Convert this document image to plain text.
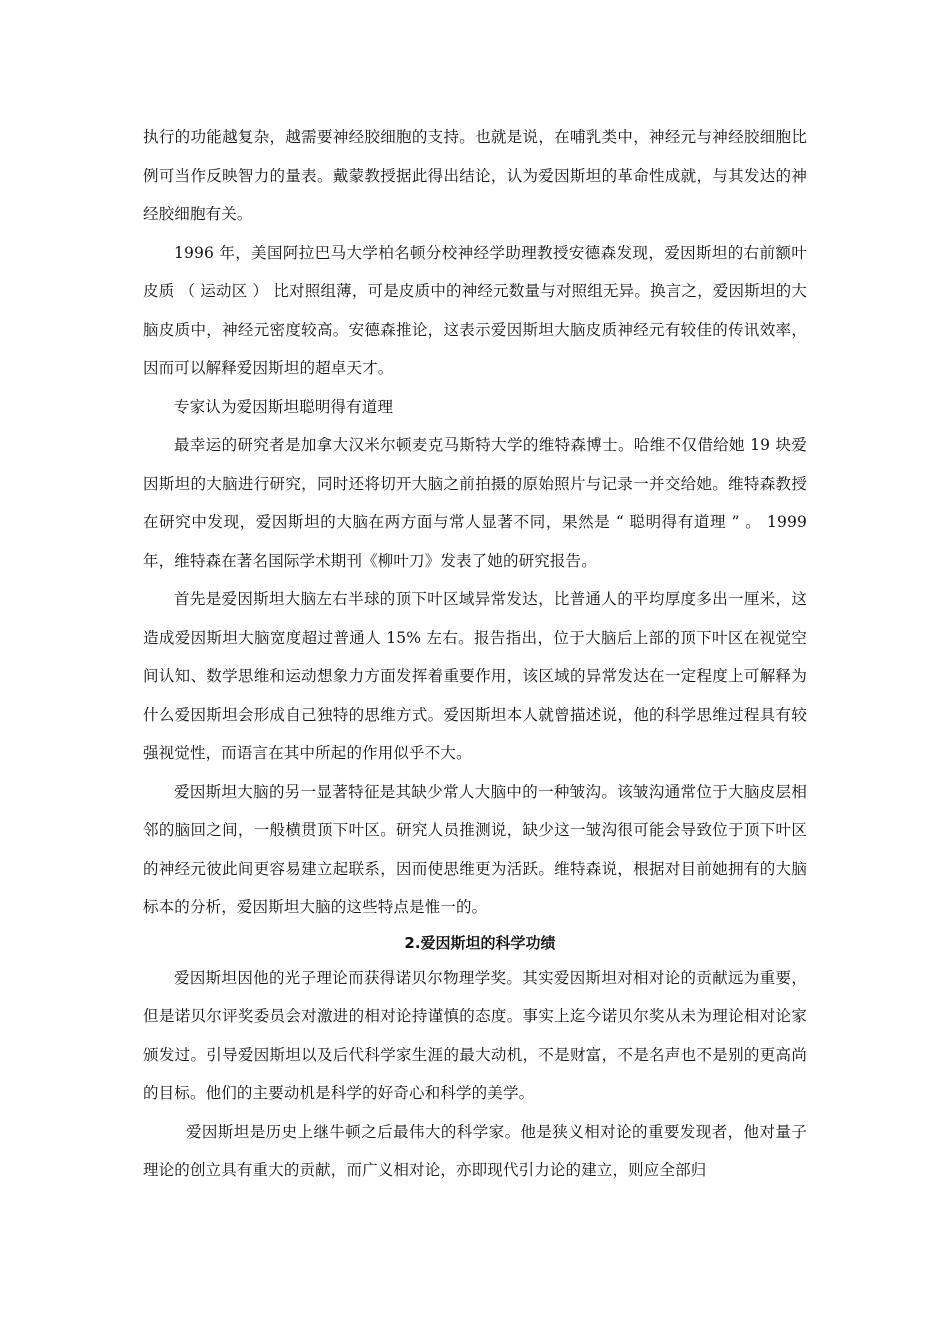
执行的功能越复杂，越需要神经胶细胞的支持。也就是说，在哺乳类中，神经元与神经胶细胞比例可当作反映智力的量表。戴蒙教授据此得出结论，认为爱因斯坦的革命性成就，与其发达的神经胶细胞有关。

1996 年，美国阿拉巴马大学柏名顿分校神经学助理教授安德森发现，爱因斯坦的右前额叶皮质 （ 运动区 ） 比对照组薄，可是皮质中的神经元数量与对照组无异。换言之，爱因斯坦的大脑皮质中，神经元密度较高。安德森推论，这表示爱因斯坦大脑皮质神经元有较佳的传讯效率，因而可以解释爱因斯坦的超卓天才。

专家认为爱因斯坦聪明得有道理

最幸运的研究者是加拿大汉米尔顿麦克马斯特大学的维特森博士。哈维不仅借给她 19 块爱因斯坦的大脑进行研究，同时还将切开大脑之前拍摄的原始照片与记录一并交给她。维特森教授在研究中发现，爱因斯坦的大脑在两方面与常人显著不同，果然是 “ 聪明得有道理 ” 。 1999 年，维特森在著名国际学术期刊《柳叶刀》发表了她的研究报告。

首先是爱因斯坦大脑左右半球的顶下叶区域异常发达，比普通人的平均厚度多出一厘米，这造成爱因斯坦大脑宽度超过普通人 15% 左右。报告指出，位于大脑后上部的顶下叶区在视觉空间认知、数学思维和运动想象力方面发挥着重要作用，该区域的异常发达在一定程度上可解释为什么爱因斯坦会形成自己独特的思维方式。爱因斯坦本人就曾描述说，他的科学思维过程具有较强视觉性，而语言在其中所起的作用似乎不大。

爱因斯坦大脑的另一显著特征是其缺少常人大脑中的一种皱沟。该皱沟通常位于大脑皮层相邻的脑回之间，一般横贯顶下叶区。研究人员推测说，缺少这一皱沟很可能会导致位于顶下叶区的神经元彼此间更容易建立起联系，因而使思维更为活跃。维特森说，根据对目前她拥有的大脑标本的分析，爱因斯坦大脑的这些特点是惟一的。

2.爱因斯坦的科学功绩

爱因斯坦因他的光子理论而获得诺贝尔物理学奖。其实爱因斯坦对相对论的贡献远为重要，但是诺贝尔评奖委员会对激进的相对论持谨慎的态度。事实上迄今诺贝尔奖从未为理论相对论家颁发过。引导爱因斯坦以及后代科学家生涯的最大动机，不是财富，不是名声也不是别的更高尚的目标。他们的主要动机是科学的好奇心和科学的美学。

爱因斯坦是历史上继牛顿之后最伟大的科学家。他是狭义相对论的重要发现者，他对量子理论的创立具有重大的贡献，而广义相对论，亦即现代引力论的建立，则应全部归
